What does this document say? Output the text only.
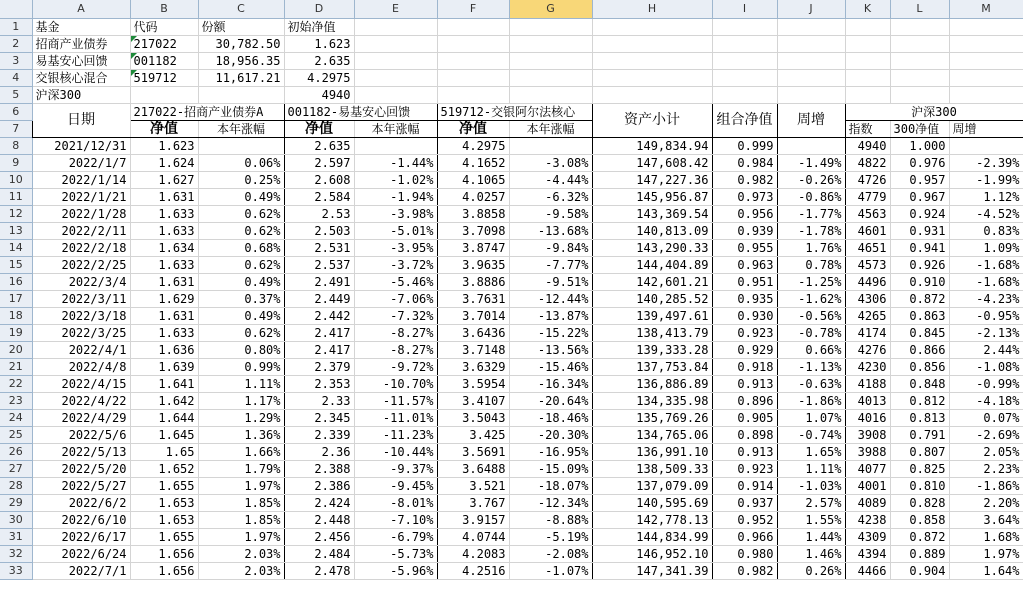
	A	B	C	D	E	F	G	H	I	J	K	L	M
1	基金	代码	份额	初始净值									
2	招商产业债券	217022	30,782.50	1.623									
3	易基安心回馈	001182	18,956.35	2.635									
4	交银核心混合	519712	11,617.21	4.2975									
5	沪深300			4940									
6	日期	217022-招商产业债券A		001182-易基安心回馈		519712-交银阿尔法核心		资产小计	组合净值	周增	沪深300		
7		净值	本年涨幅	净值	本年涨幅	净值	本年涨幅				指数	300净值	周增
8	2021/12/31	1.623		2.635		4.2975		149,834.94	0.999		4940	1.000	
9	2022/1/7	1.624	0.06%	2.597	-1.44%	4.1652	-3.08%	147,608.42	0.984	-1.49%	4822	0.976	-2.39%
10	2022/1/14	1.627	0.25%	2.608	-1.02%	4.1065	-4.44%	147,227.36	0.982	-0.26%	4726	0.957	-1.99%
11	2022/1/21	1.631	0.49%	2.584	-1.94%	4.0257	-6.32%	145,956.87	0.973	-0.86%	4779	0.967	1.12%
12	2022/1/28	1.633	0.62%	2.53	-3.98%	3.8858	-9.58%	143,369.54	0.956	-1.77%	4563	0.924	-4.52%
13	2022/2/11	1.633	0.62%	2.503	-5.01%	3.7098	-13.68%	140,813.09	0.939	-1.78%	4601	0.931	0.83%
14	2022/2/18	1.634	0.68%	2.531	-3.95%	3.8747	-9.84%	143,290.33	0.955	1.76%	4651	0.941	1.09%
15	2022/2/25	1.633	0.62%	2.537	-3.72%	3.9635	-7.77%	144,404.89	0.963	0.78%	4573	0.926	-1.68%
16	2022/3/4	1.631	0.49%	2.491	-5.46%	3.8886	-9.51%	142,601.21	0.951	-1.25%	4496	0.910	-1.68%
17	2022/3/11	1.629	0.37%	2.449	-7.06%	3.7631	-12.44%	140,285.52	0.935	-1.62%	4306	0.872	-4.23%
18	2022/3/18	1.631	0.49%	2.442	-7.32%	3.7014	-13.87%	139,497.61	0.930	-0.56%	4265	0.863	-0.95%
19	2022/3/25	1.633	0.62%	2.417	-8.27%	3.6436	-15.22%	138,413.79	0.923	-0.78%	4174	0.845	-2.13%
20	2022/4/1	1.636	0.80%	2.417	-8.27%	3.7148	-13.56%	139,333.28	0.929	0.66%	4276	0.866	2.44%
21	2022/4/8	1.639	0.99%	2.379	-9.72%	3.6329	-15.46%	137,753.84	0.918	-1.13%	4230	0.856	-1.08%
22	2022/4/15	1.641	1.11%	2.353	-10.70%	3.5954	-16.34%	136,886.89	0.913	-0.63%	4188	0.848	-0.99%
23	2022/4/22	1.642	1.17%	2.33	-11.57%	3.4107	-20.64%	134,335.98	0.896	-1.86%	4013	0.812	-4.18%
24	2022/4/29	1.644	1.29%	2.345	-11.01%	3.5043	-18.46%	135,769.26	0.905	1.07%	4016	0.813	0.07%
25	2022/5/6	1.645	1.36%	2.339	-11.23%	3.425	-20.30%	134,765.06	0.898	-0.74%	3908	0.791	-2.69%
26	2022/5/13	1.65	1.66%	2.36	-10.44%	3.5691	-16.95%	136,991.10	0.913	1.65%	3988	0.807	2.05%
27	2022/5/20	1.652	1.79%	2.388	-9.37%	3.6488	-15.09%	138,509.33	0.923	1.11%	4077	0.825	2.23%
28	2022/5/27	1.655	1.97%	2.386	-9.45%	3.521	-18.07%	137,079.09	0.914	-1.03%	4001	0.810	-1.86%
29	2022/6/2	1.653	1.85%	2.424	-8.01%	3.767	-12.34%	140,595.69	0.937	2.57%	4089	0.828	2.20%
30	2022/6/10	1.653	1.85%	2.448	-7.10%	3.9157	-8.88%	142,778.13	0.952	1.55%	4238	0.858	3.64%
31	2022/6/17	1.655	1.97%	2.456	-6.79%	4.0744	-5.19%	144,834.99	0.966	1.44%	4309	0.872	1.68%
32	2022/6/24	1.656	2.03%	2.484	-5.73%	4.2083	-2.08%	146,952.10	0.980	1.46%	4394	0.889	1.97%
33	2022/7/1	1.656	2.03%	2.478	-5.96%	4.2516	-1.07%	147,341.39	0.982	0.26%	4466	0.904	1.64%
